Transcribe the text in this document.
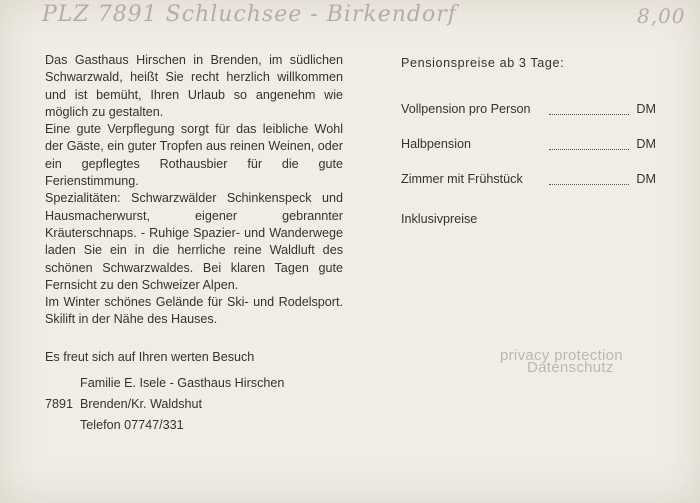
PLZ 7891 Schluchsee - Birkendorf	8,00

Das Gasthaus Hirschen in Brenden, im südlichen Schwarzwald, heißt Sie recht herzlich willkommen und ist bemüht, Ihren Urlaub so angenehm wie möglich zu gestalten.

Eine gute Verpflegung sorgt für das leibliche Wohl der Gäste, ein guter Tropfen aus reinen Weinen, oder ein gepflegtes Rothausbier für die gute Ferienstimmung.

Spezialitäten: Schwarzwälder Schinkenspeck und Hausmacherwurst, eigener gebrannter Kräuterschnaps. - Ruhige Spazier- und Wanderwege laden Sie ein in die herrliche reine Waldluft des schönen Schwarzwaldes. Bei klaren Tagen gute Fernsicht zu den Schweizer Alpen.

Im Winter schönes Gelände für Ski- und Rodelsport. Skilift in der Nähe des Hauses.

Es freut sich auf Ihren werten Besuch
Familie E. Isele - Gasthaus Hirschen
7891 Brenden/Kr. Waldshut
Telefon 07747/331
Pensionspreise ab 3 Tage:
Vollpension pro Person	DM
Halbpension	DM
Zimmer mit Frühstück	DM
Inklusivpreise
privacy protection
Datenschutz
